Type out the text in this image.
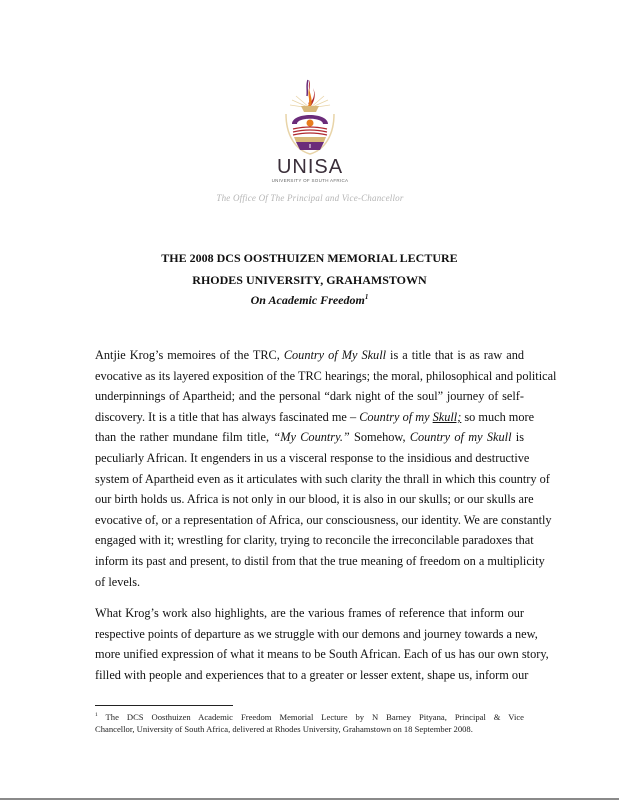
II
UNISA
UNIVERSITY OF SOUTH AFRICA
The Office Of The Principal and Vice-Chancellor
THE 2008 DCS OOSTHUIZEN MEMORIAL LECTURE
RHODES UNIVERSITY, GRAHAMSTOWN
On Academic Freedom$^1$
Antjie Krog’s memoires of the TRC, Country of My Skull is a title that is as raw and
evocative as its layered exposition of the TRC hearings; the moral, philosophical and political
underpinnings of Apartheid; and the personal “dark night of the soul” journey of self-
discovery. It is a title that has always fascinated me – Country of my Skull; so much more
than the rather mundane film title, “My Country.” Somehow, Country of my Skull is
peculiarly African. It engenders in us a visceral response to the insidious and destructive
system of Apartheid even as it articulates with such clarity the thrall in which this country of
our birth holds us. Africa is not only in our blood, it is also in our skulls; or our skulls are
evocative of, or a representation of Africa, our consciousness, our identity. We are constantly
engaged with it; wrestling for clarity, trying to reconcile the irreconcilable paradoxes that
inform its past and present, to distil from that the true meaning of freedom on a multiplicity
of levels.
What Krog’s work also highlights, are the various frames of reference that inform our
respective points of departure as we struggle with our demons and journey towards a new,
more unified expression of what it means to be South African. Each of us has our own story,
filled with people and experiences that to a greater or lesser extent, shape us, inform our
$^1$ The DCS Oosthuizen Academic Freedom Memorial Lecture by N Barney Pityana, Principal & Vice
Chancellor, University of South Africa, delivered at Rhodes University, Grahamstown on 18 September 2008.
